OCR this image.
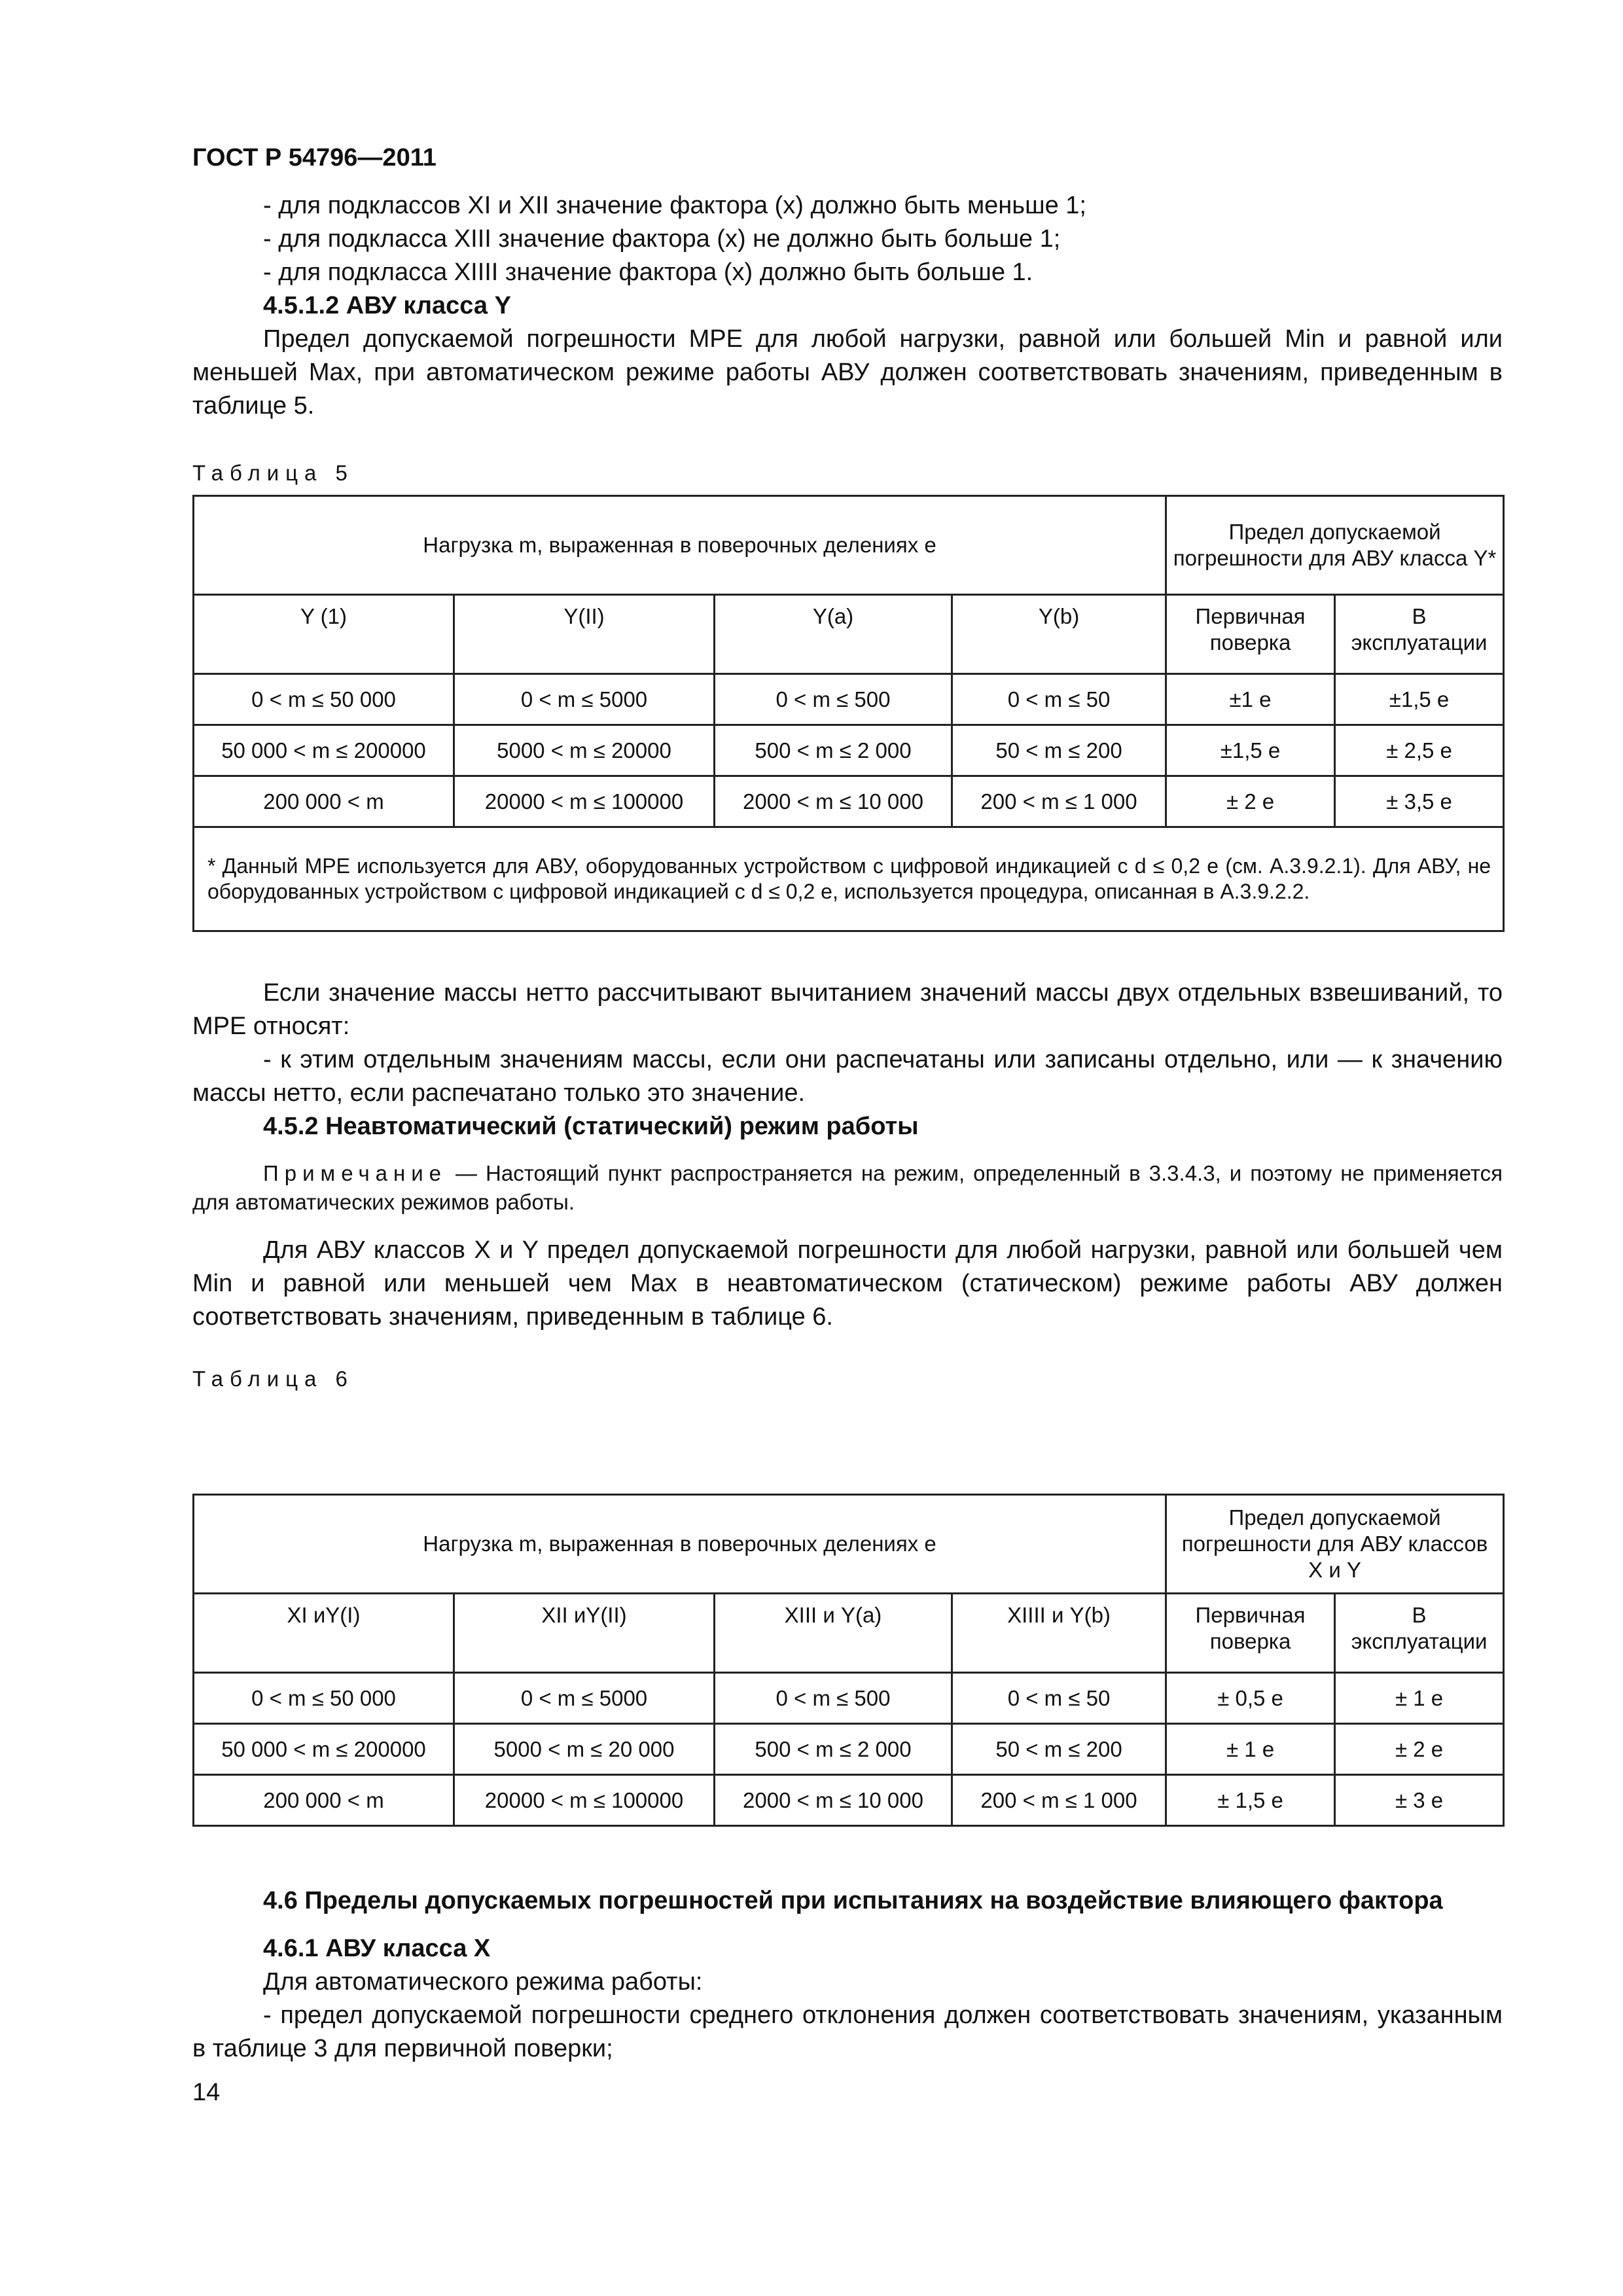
ГОСТ Р 54796—2011

- для подклассов XI и XII значение фактора (x) должно быть меньше 1;

- для подкласса XIII значение фактора (x) не должно быть больше 1;

- для подкласса XIIII значение фактора (x) должно быть больше 1.

4.5.1.2 АВУ класса Y

Предел допускаемой погрешности МРЕ для любой нагрузки, равной или большей Min и равной или меньшей Max, при автоматическом режиме работы АВУ должен соответствовать значениям, приведенным в таблице 5.

Таблица 5
Нагрузка m, выраженная в поверочных делениях e				Предел допускаемой погрешности для АВУ класса Y*	
Y (1)	Y(II)	Y(a)	Y(b)	Первичная поверка	В эксплуатации
0 < m ≤ 50 000	0 < m ≤ 5000	0 < m ≤ 500	0 < m ≤ 50	±1 e	±1,5 e
50 000 < m ≤ 200000	5000 < m ≤ 20000	500 < m ≤ 2 000	50 < m ≤ 200	±1,5 e	± 2,5 e
200 000 < m	20000 < m ≤ 100000	2000 < m ≤ 10 000	200 < m ≤ 1 000	± 2 e	± 3,5 e
* Данный МРЕ используется для АВУ, оборудованных устройством с цифровой индикацией с d ≤ 0,2 e (см. А.3.9.2.1). Для АВУ, не оборудованных устройством с цифровой индикацией с d ≤ 0,2 e, используется процедура, описанная в А.3.9.2.2.					

Если значение массы нетто рассчитывают вычитанием значений массы двух отдельных взвешиваний, то МРЕ относят:

- к этим отдельным значениям массы, если они распечатаны или записаны отдельно, или — к значению массы нетто, если распечатано только это значение.

4.5.2 Неавтоматический (статический) режим работы

Примечание — Настоящий пункт распространяется на режим, определенный в 3.3.4.3, и поэтому не применяется для автоматических режимов работы.

Для АВУ классов X и Y предел допускаемой погрешности для любой нагрузки, равной или большей чем Min и равной или меньшей чем Max в неавтоматическом (статическом) режиме работы АВУ должен соответствовать значениям, приведенным в таблице 6.

Таблица 6
Нагрузка m, выраженная в поверочных делениях e				Предел допускаемой погрешности для АВУ классов X и Y	
XI иY(I)	XII иY(II)	XIII и Y(a)	XIIII и Y(b)	Первичная поверка	В эксплуатации
0 < m ≤ 50 000	0 < m ≤ 5000	0 < m ≤ 500	0 < m ≤ 50	± 0,5 e	± 1 e
50 000 < m ≤ 200000	5000 < m ≤ 20 000	500 < m ≤ 2 000	50 < m ≤ 200	± 1 e	± 2 e
200 000 < m	20000 < m ≤ 100000	2000 < m ≤ 10 000	200 < m ≤ 1 000	± 1,5 e	± 3 e

4.6 Пределы допускаемых погрешностей при испытаниях на воздействие влияющего фактора

4.6.1 АВУ класса X

Для автоматического режима работы:

- предел допускаемой погрешности среднего отклонения должен соответствовать значениям, указанным в таблице 3 для первичной поверки;

14
